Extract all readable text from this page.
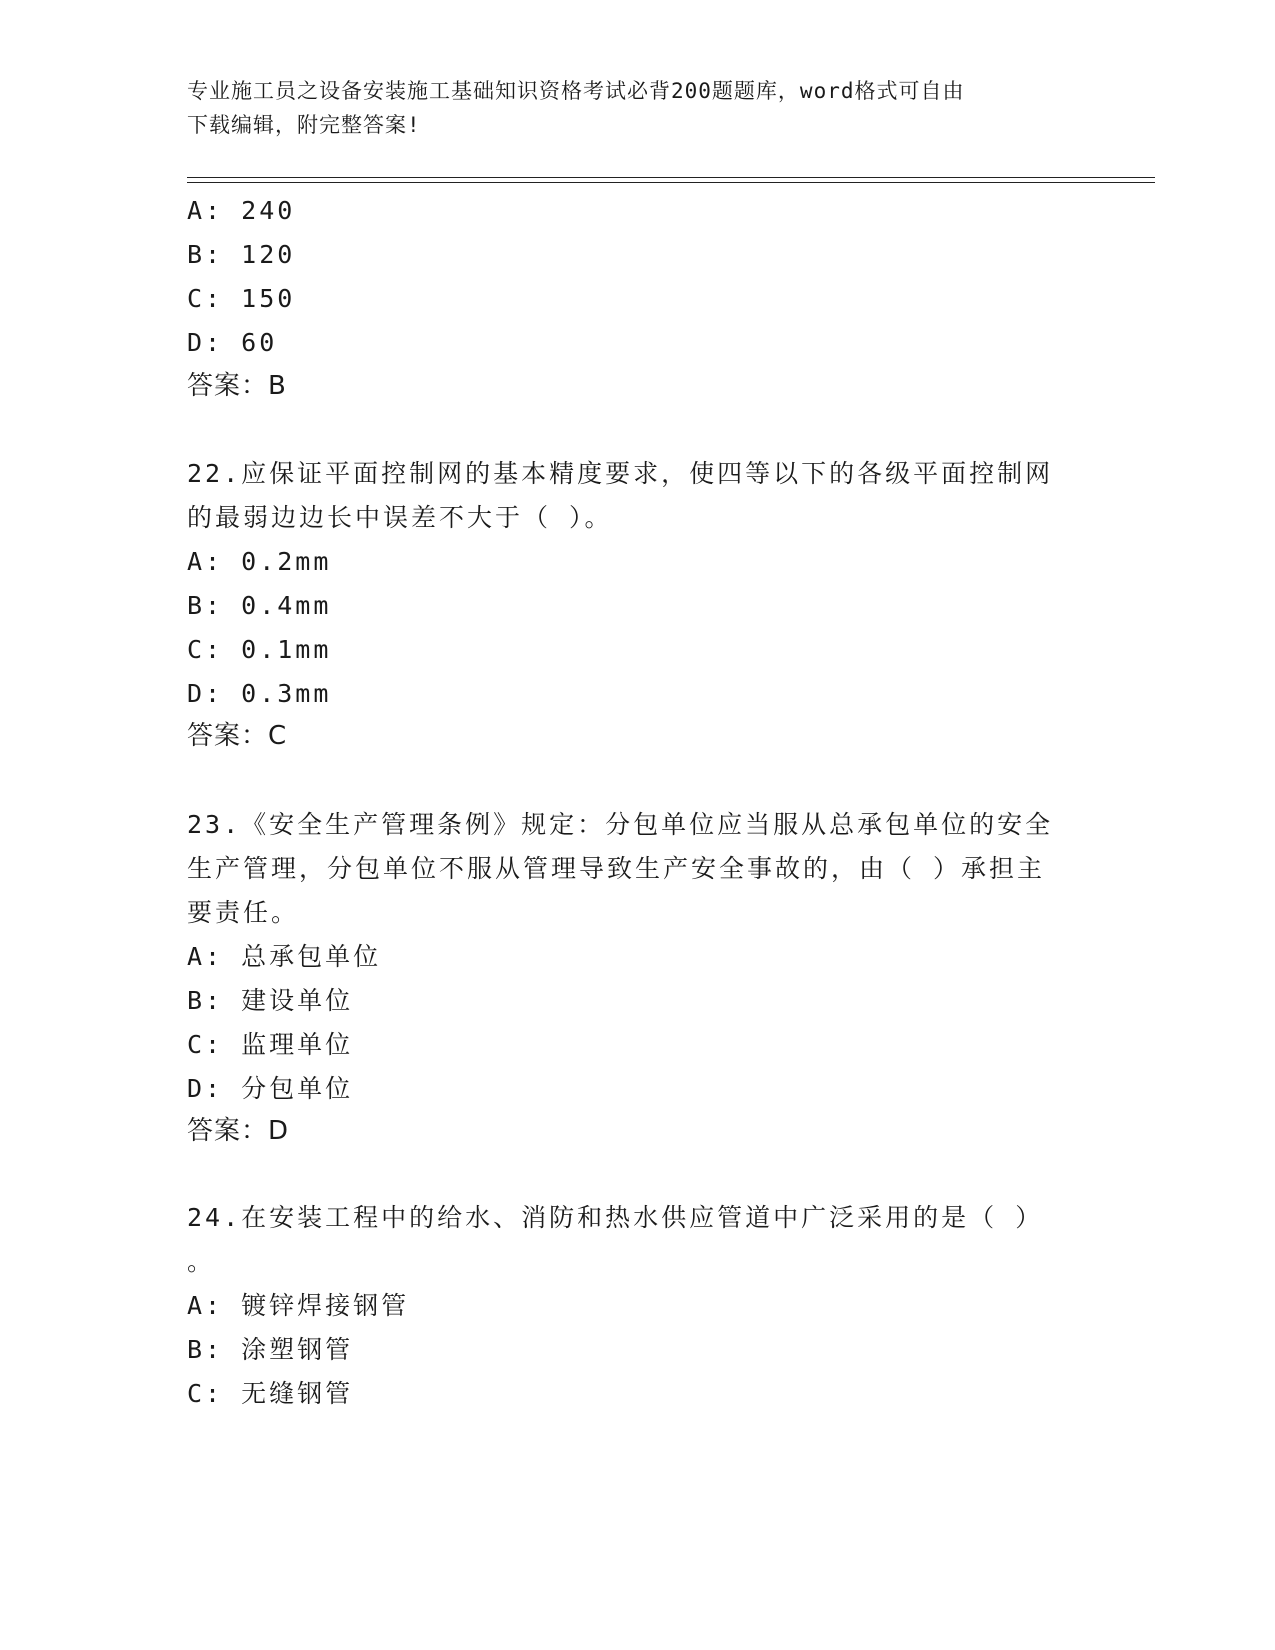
专业施工员之设备安装施工基础知识资格考试必背200题题库，word格式可自由
下载编辑，附完整答案!
A: 240
B: 120
C: 150
D: 60
答案：B
22.应保证平面控制网的基本精度要求，使四等以下的各级平面控制网
的最弱边边长中误差不大于（ ）。
A: 0.2mm
B: 0.4mm
C: 0.1mm
D: 0.3mm
答案：C
23.《安全生产管理条例》规定：分包单位应当服从总承包单位的安全
生产管理，分包单位不服从管理导致生产安全事故的，由（ ）承担主
要责任。
A: 总承包单位
B: 建设单位
C: 监理单位
D: 分包单位
答案：D
24.在安装工程中的给水、消防和热水供应管道中广泛采用的是（ ）
。
A: 镀锌焊接钢管
B: 涂塑钢管
C: 无缝钢管
